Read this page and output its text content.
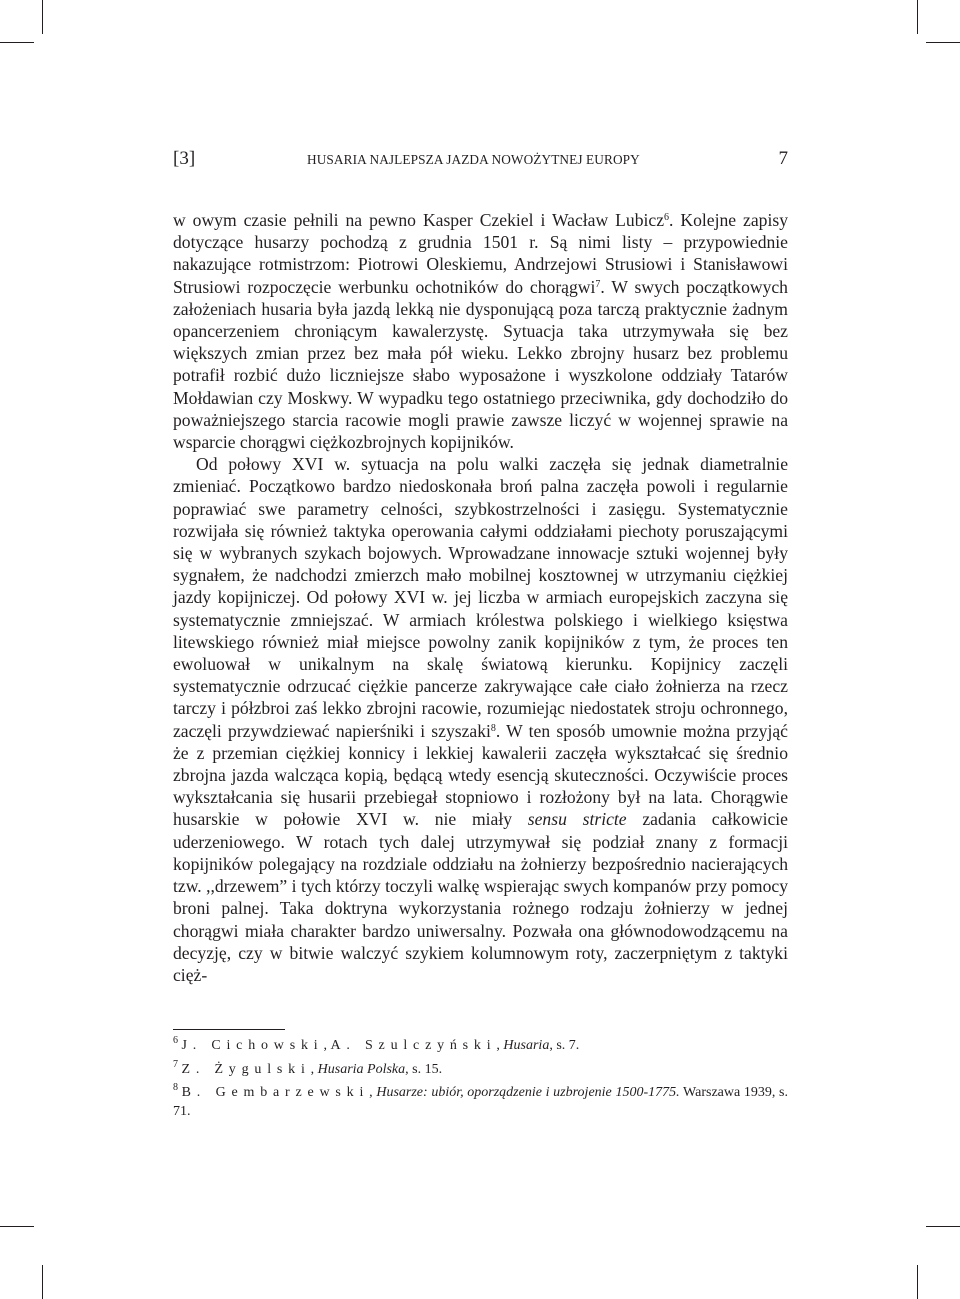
[3]	HUSARIA NAJLEPSZA JAZDA NOWOŻYTNEJ EUROPY	7

w owym czasie pełnili na pewno Kasper Czekiel i Wacław Lubicz$^6$. Kolejne zapisy dotyczące husarzy pochodzą z grudnia 1501 r. Są nimi listy – przypowiednie nakazujące rotmistrzom: Piotrowi Oleskiemu, Andrzejowi Strusiowi i Stanisławowi Strusiowi rozpoczęcie werbunku ochotników do chorągwi$^7$. W swych początkowych założeniach husaria była jazdą lekką nie dysponującą poza tarczą praktycznie żadnym opancerzeniem chroniącym kawalerzystę. Sytuacja taka utrzymywała się bez większych zmian przez bez mała pół wieku. Lekko zbrojny husarz bez problemu potrafił rozbić dużo liczniejsze słabo wyposażone i wyszkolone oddziały Tatarów Mołdawian czy Moskwy. W wypadku tego ostatniego przeciwnika, gdy dochodziło do poważniejszego starcia racowie mogli prawie zawsze liczyć w wojennej sprawie na wsparcie chorągwi ciężkozbrojnych kopijników.

Od połowy XVI w. sytuacja na polu walki zaczęła się jednak diametralnie zmieniać. Początkowo bardzo niedoskonała broń palna zaczęła powoli i regularnie poprawiać swe parametry celności, szybkostrzelności i zasięgu. Systematycznie rozwijała się również taktyka operowania całymi oddziałami piechoty poruszającymi się w wybranych szykach bojowych. Wprowadzane innowacje sztuki wojennej były sygnałem, że nadchodzi zmierzch mało mobilnej kosztownej w utrzymaniu ciężkiej jazdy kopijniczej. Od połowy XVI w. jej liczba w armiach europejskich zaczyna się systematycznie zmniejszać. W armiach królestwa polskiego i wielkiego księstwa litewskiego również miał miejsce powolny zanik kopijników z tym, że proces ten ewoluował w unikalnym na skalę światową kierunku. Kopijnicy zaczęli systematycznie odrzucać ciężkie pancerze zakrywające całe ciało żołnierza na rzecz tarczy i półzbroi zaś lekko zbrojni racowie, rozumiejąc niedostatek stroju ochronnego, zaczęli przywdziewać napierśniki i szyszaki$^8$. W ten sposób umownie można przyjąć że z przemian ciężkiej konnicy i lekkiej kawalerii zaczęła wykształcać się średnio zbrojna jazda walcząca kopią, będącą wtedy esencją skuteczności. Oczywiście proces wykształcania się husarii przebiegał stopniowo i rozłożony był na lata. Chorągwie husarskie w połowie XVI w. nie miały sensu stricte zadania całkowicie uderzeniowego. W rotach tych dalej utrzymywał się podział znany z formacji kopijników polegający na rozdziale oddziału na żołnierzy bezpośrednio nacierających tzw. ,,drzewem” i tych którzy toczyli walkę wspierając swych kompanów przy pomocy broni palnej. Taka doktryna wykorzystania rożnego rodzaju żołnierzy w jednej chorągwi miała charakter bardzo uniwersalny. Pozwała ona głównodowodzącemu na decyzję, czy w bitwie walczyć szykiem kolumnowym roty, zaczerpniętym z taktyki cięż-

$^6$ J. Cichowski, A. Szulczyński, Husaria, s. 7.

$^7$ Z. Żygulski, Husaria Polska, s. 15.

$^8$ B. Gembarzewski, Husarze: ubiór, oporządzenie i uzbrojenie 1500-1775. Warszawa 1939, s. 71.
